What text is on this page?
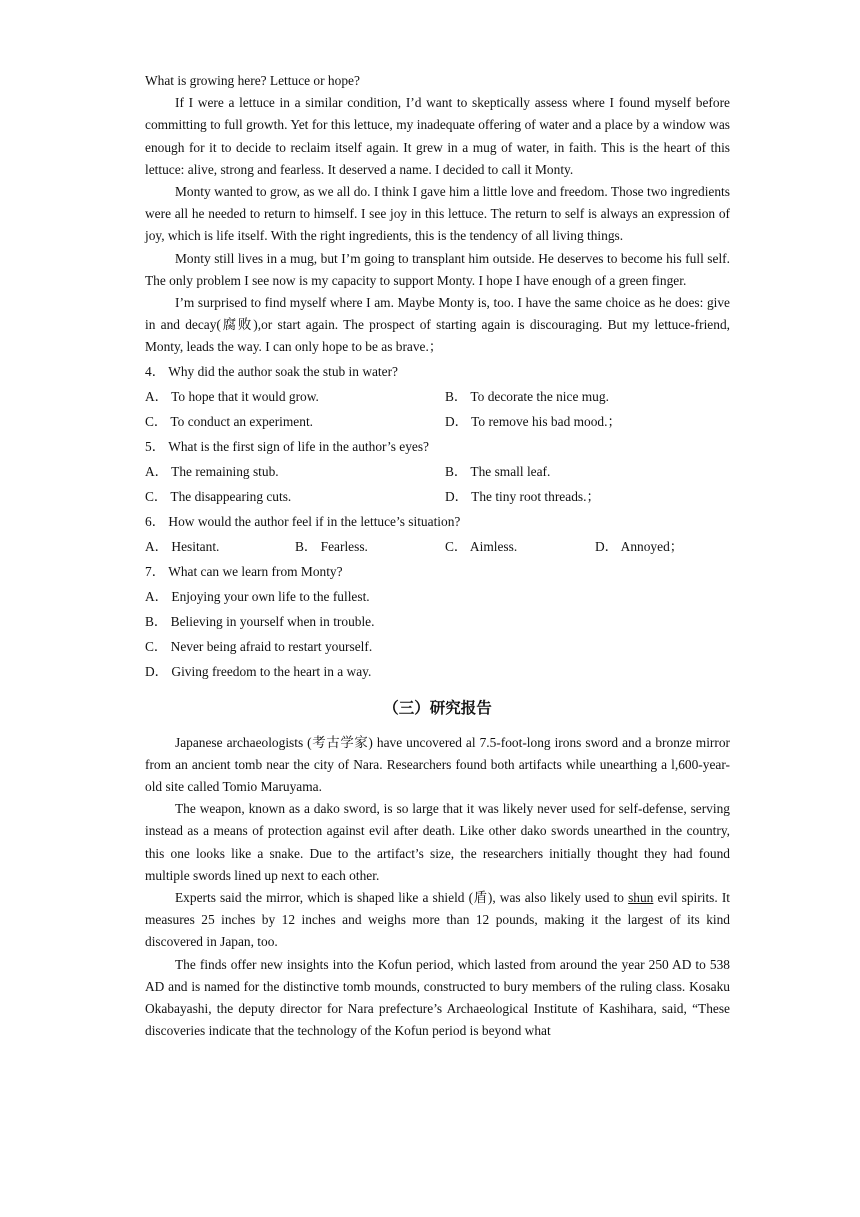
What is growing here? Lettuce or hope?

If I were a lettuce in a similar condition, I’d want to skeptically assess where I found myself before committing to full growth. Yet for this lettuce, my inadequate offering of water and a place by a window was enough for it to decide to reclaim itself again. It grew in a mug of water, in faith. This is the heart of this lettuce: alive, strong and fearless. It deserved a name. I decided to call it Monty.

Monty wanted to grow, as we all do. I think I gave him a little love and freedom. Those two ingredients were all he needed to return to himself. I see joy in this lettuce. The return to self is always an expression of joy, which is life itself. With the right ingredients, this is the tendency of all living things.

Monty still lives in a mug, but I’m going to transplant him outside. He deserves to become his full self. The only problem I see now is my capacity to support Monty. I hope I have enough of a green finger.

I’m surprised to find myself where I am. Maybe Monty is, too. I have the same choice as he does: give in and decay(腐败),or start again. The prospect of starting again is discouraging. But my lettuce-friend, Monty, leads the way. I can only hope to be as brave.；

4． Why did the author soak the stub in water?

A． To hope that it would grow.	B． To decorate the nice mug.
C． To conduct an experiment.	D． To remove his bad mood.；

5． What is the first sign of life in the author’s eyes?

A． The remaining stub.	B． The small leaf.
C． The disappearing cuts.	D． The tiny root threads.；

6． How would the author feel if in the lettuce’s situation?

A． Hesitant.	B． Fearless.	C． Aimless.	D． Annoyed；

7． What can we learn from Monty?

A． Enjoying your own life to the fullest.

B． Believing in yourself when in trouble.

C． Never being afraid to restart yourself.

D． Giving freedom to the heart in a way.

（三）研究报告

Japanese archaeologists (考古学家) have uncovered al 7.5-foot-long irons sword and a bronze mirror from an ancient tomb near the city of Nara. Researchers found both artifacts while unearthing a l,600-year-old site called Tomio Maruyama.

The weapon, known as a dako sword, is so large that it was likely never used for self-defense, serving instead as a means of protection against evil after death. Like other dako swords unearthed in the country, this one looks like a snake. Due to the artifact’s size, the researchers initially thought they had found multiple swords lined up next to each other.

Experts said the mirror, which is shaped like a shield (盾), was also likely used to shun evil spirits. It measures 25 inches by 12 inches and weighs more than 12 pounds, making it the largest of its kind discovered in Japan, too.

The finds offer new insights into the Kofun period, which lasted from around the year 250 AD to 538 AD and is named for the distinctive tomb mounds, constructed to bury members of the ruling class. Kosaku Okabayashi, the deputy director for Nara prefecture’s Archaeological Institute of Kashihara, said, “These discoveries indicate that the technology of the Kofun period is beyond what
